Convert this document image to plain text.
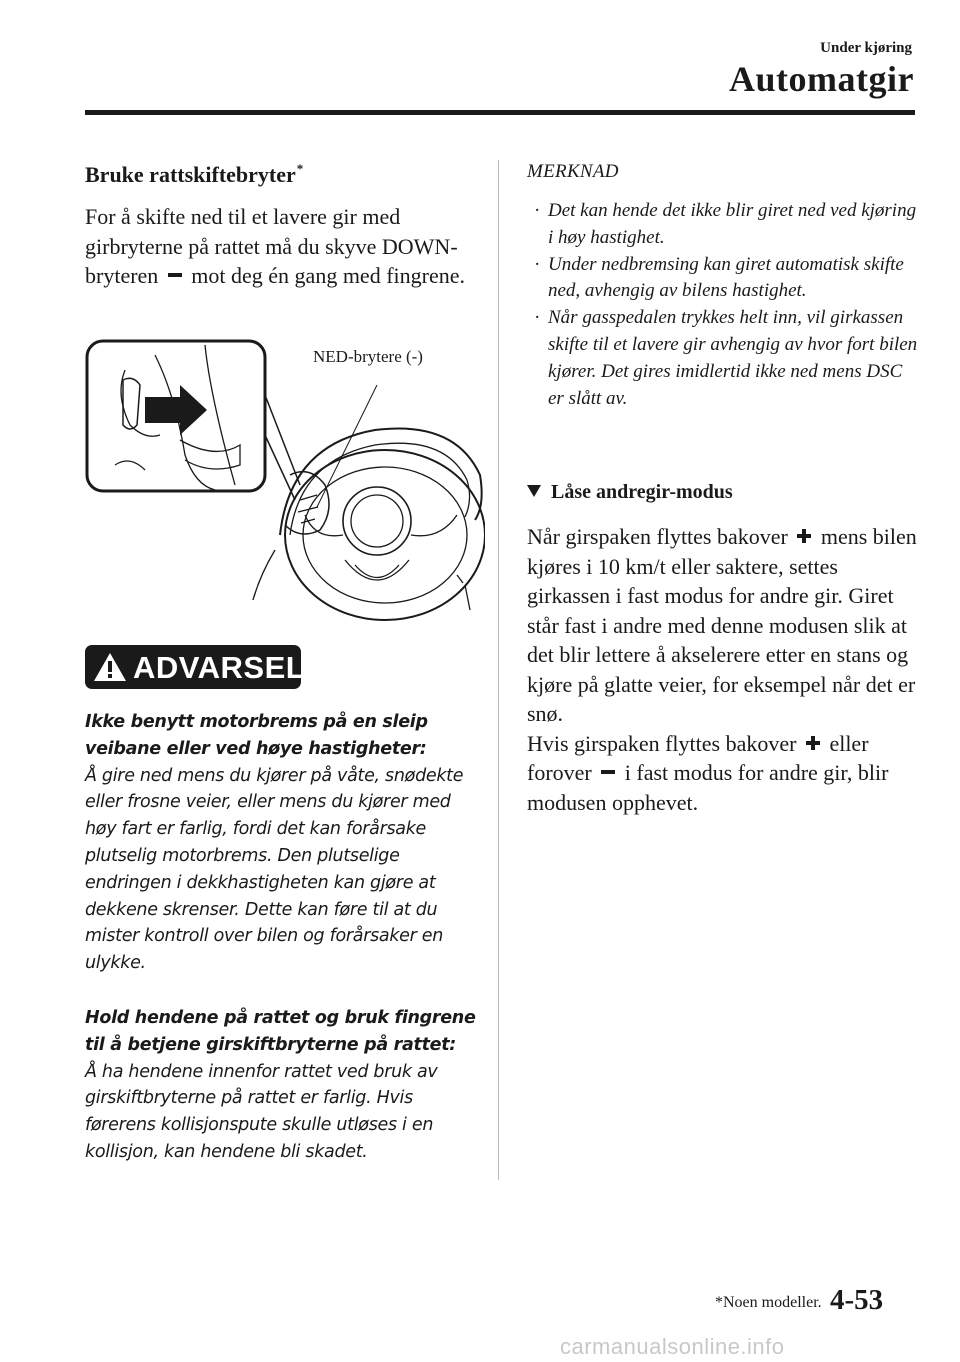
Under kjøring
Automatgir
Bruke rattskiftebryter*
For å skifte ned til et lavere gir med girbryterne på rattet må du skyve DOWN-bryteren mot deg én gang med fingrene.
NED-brytere (-)
ADVARSEL
Ikke benytt motorbrems på en sleip veibane eller ved høye hastigheter:
Å gire ned mens du kjører på våte, snødekte eller frosne veier, eller mens du kjører med høy fart er farlig, fordi det kan forårsake plutselig motorbrems. Den plutselige endringen i dekkhastigheten kan gjøre at dekkene skrenser. Dette kan føre til at du mister kontroll over bilen og forårsaker en ulykke.
Hold hendene på rattet og bruk fingrene til å betjene girskiftbryterne på rattet:
Å ha hendene innenfor rattet ved bruk av girskiftbryterne på rattet er farlig. Hvis førerens kollisjonspute skulle utløses i en kollisjon, kan hendene bli skadet.
MERKNAD
· Det kan hende det ikke blir giret ned ved kjøring i høy hastighet.
· Under nedbremsing kan giret automatisk skifte ned, avhengig av bilens hastighet.
· Når gasspedalen trykkes helt inn, vil girkassen skifte til et lavere gir avhengig av hvor fort bilen kjører. Det gires imidlertid ikke ned mens DSC er slått av.
Låse andregir-modus
Når girspaken flyttes bakover mens bilen kjøres i 10 km/t eller saktere, settes girkassen i fast modus for andre gir. Giret står fast i andre med denne modusen slik at det blir lettere å akselerere etter en stans og kjøre på glatte veier, for eksempel når det er snø.
Hvis girspaken flyttes bakover eller forover i fast modus for andre gir, blir modusen opphevet.
*Noen modeller. 4-53
carmanualsonline.info
